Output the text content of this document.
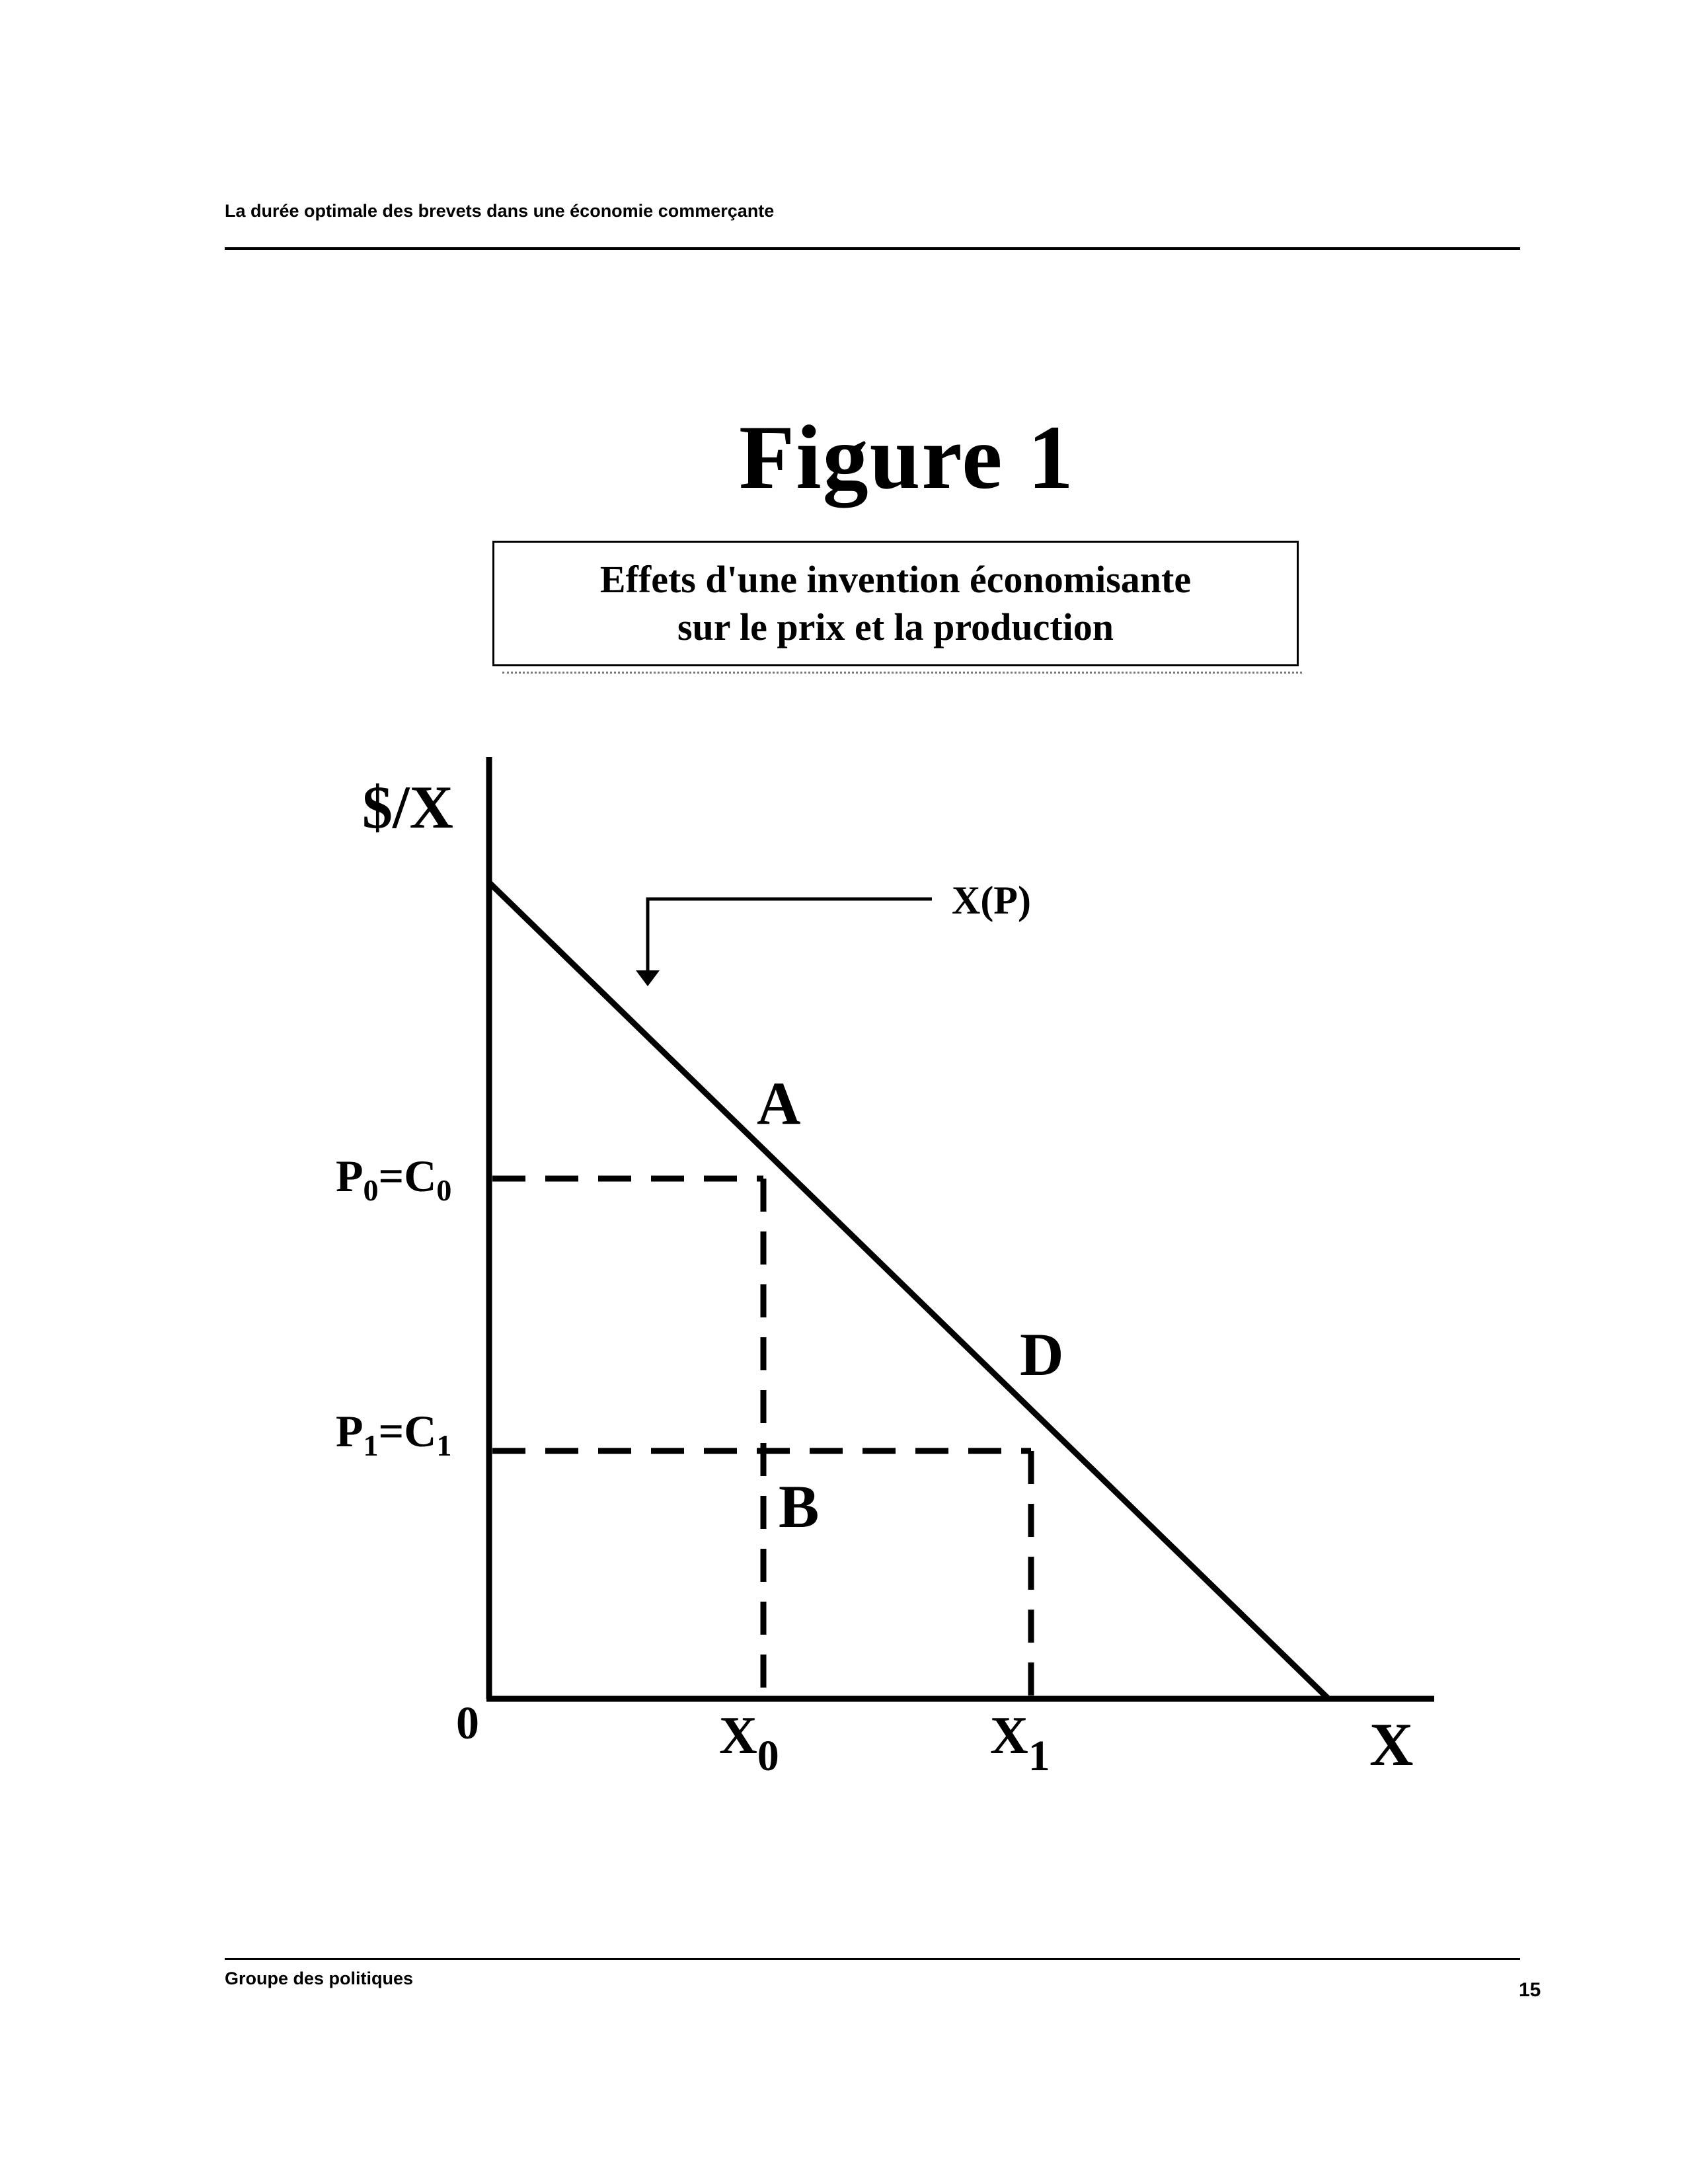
La durée optimale des brevets dans une économie commerçante
Figure 1
Effets d'une invention économisante
sur le prix et la production
$/X
X
0
X(P)
A
D
B
$P_0=C_0$
$P_1=C_1$
$X_0$	$X_1$
Groupe des politiques
15
